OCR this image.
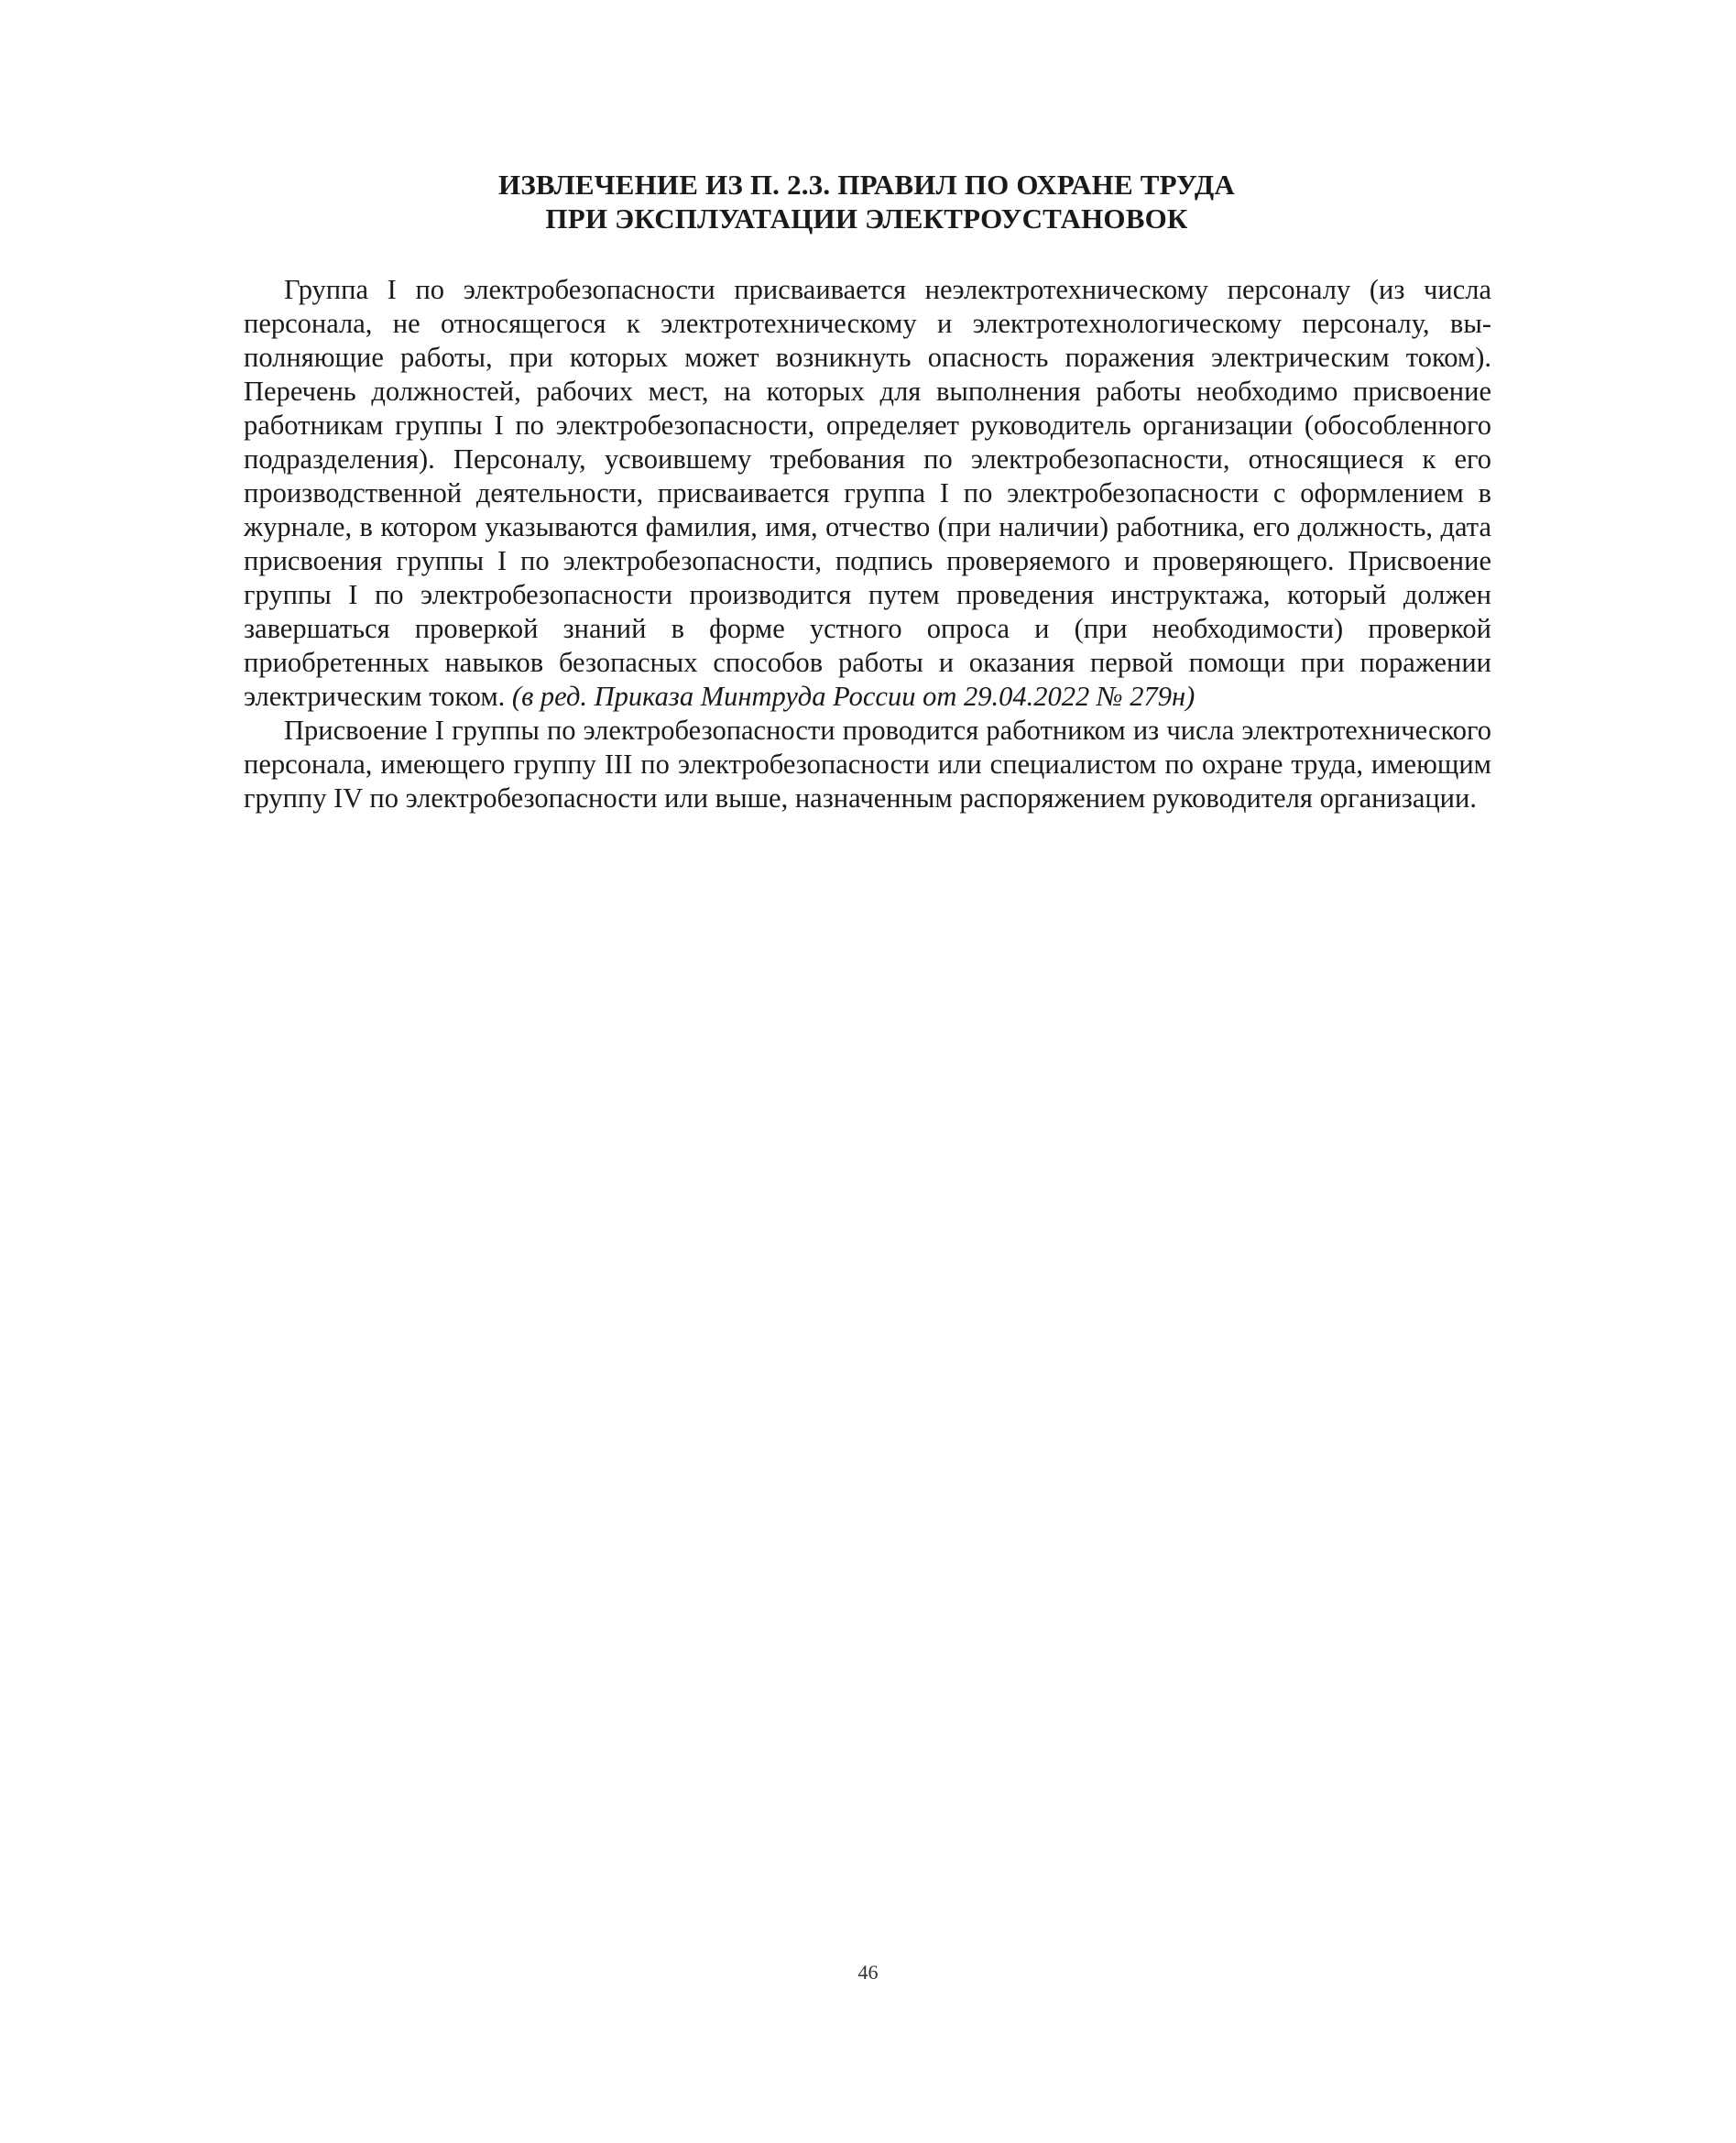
ИЗВЛЕЧЕНИЕ ИЗ П. 2.3. ПРАВИЛ ПО ОХРАНЕ ТРУДА
ПРИ ЭКСПЛУАТАЦИИ ЭЛЕКТРОУСТАНОВОК

Группа I по электробезопасности присваивается неэлектротехническому персоналу (из числа персонала, не относящегося к электротехническому и электротехнологическому персоналу, выполняющие работы, при которых может возникнуть опасность поражения электрическим током). Перечень должностей, рабочих мест, на которых для выполнения работы необходимо присвоение работникам группы I по электробезопасности, определяет руководитель организации (обособленного подразделения). Персоналу, усвоившему требования по электробезопасности, относящиеся к его производственной деятельности, присваивается группа I по электробезопасности с оформлением в журнале, в котором указываются фамилия, имя, отчество (при наличии) работника, его должность, дата присвоения группы I по электробезопасности, подпись проверяемого и проверяющего. Присвоение группы I по электробезопасности производится путем проведения инструктажа, который должен завершаться проверкой знаний в форме устного опроса и (при необходимости) проверкой приобретенных навыков безопасных способов работы и оказания первой помощи при поражении электрическим током. (в ред. Приказа Минтруда России от 29.04.2022 № 279н)

Присвоение I группы по электробезопасности проводится работником из числа электротехнического персонала, имеющего группу III по электробезопасности или специалистом по охране труда, имеющим группу IV по электробезопасности или выше, назначенным распоряжением руководителя организации.

46
